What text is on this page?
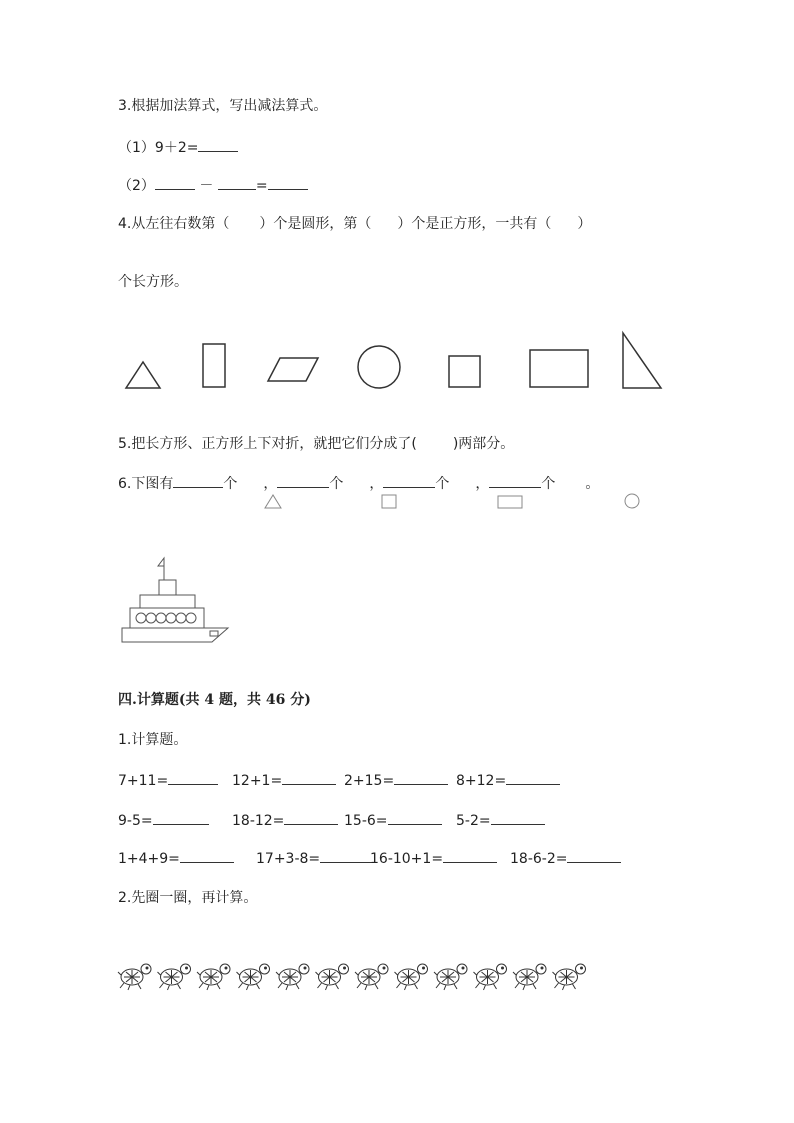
3.根据加法算式，写出减法算式。
（1）9＋2=
（2）	－	=
4.从左往右数第（ ）个是圆形，第（ ）个是正方形，一共有（ ）
个长方形。
5.把长方形、正方形上下对折，就把它们分成了(	)两部分。
6.下图有	个 ，	个 ，	个 ，	个 。
四.计算题(共 4 题，共 46 分)
1.计算题。
7+11=	12+1=	2+15=	8+12=
9-5=	18-12=	15-6=	5-2=
1+4+9=	17+3-8=	16-10+1=	18-6-2=
2.先圈一圈，再计算。
